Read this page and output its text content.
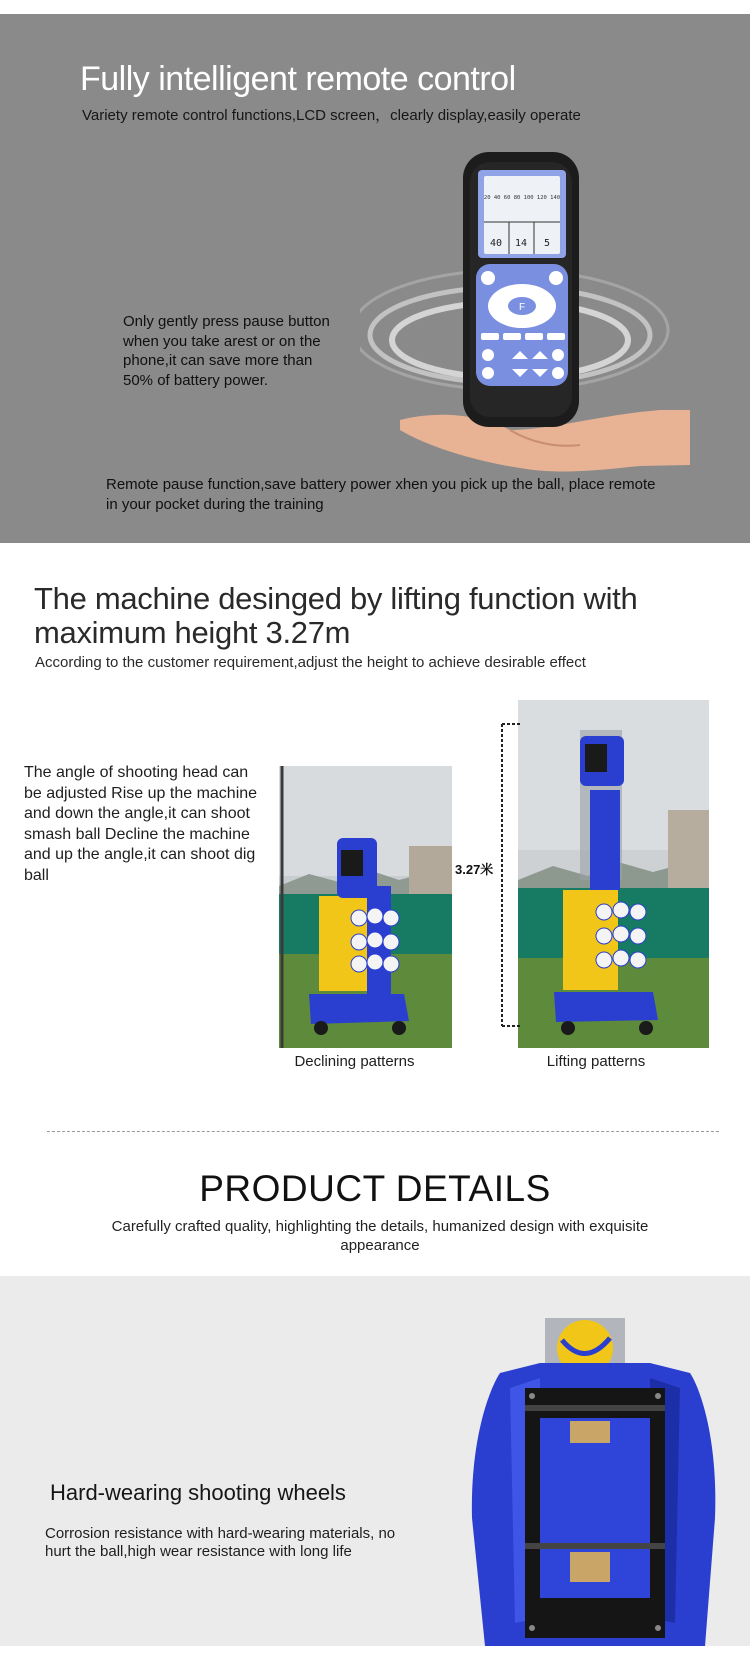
Fully intelligent remote control
Variety remote control functions,LCD screen，clearly display,easily operate
20 40 60 80 100 120 140
40 14 5
F
Only gently press pause button when you take arest or on the phone,it can save more than 50% of battery power.
Remote pause function,save battery power xhen you pick up the ball, place remote in your pocket during the training
The machine desinged by lifting function with maximum height 3.27m
According to the customer requirement,adjust the height to achieve desirable effect
The angle of shooting head can be adjusted Rise up the machine and down the angle,it can shoot smash ball Decline the machine and up the angle,it can shoot dig ball	3.27米
Declining patterns	Lifting patterns
PRODUCT DETAILS
Carefully crafted quality, highlighting the details, humanized design with exquisite appearance
Hard-wearing shooting wheels
Corrosion resistance with hard-wearing materials, no hurt the ball,high wear resistance with long life
